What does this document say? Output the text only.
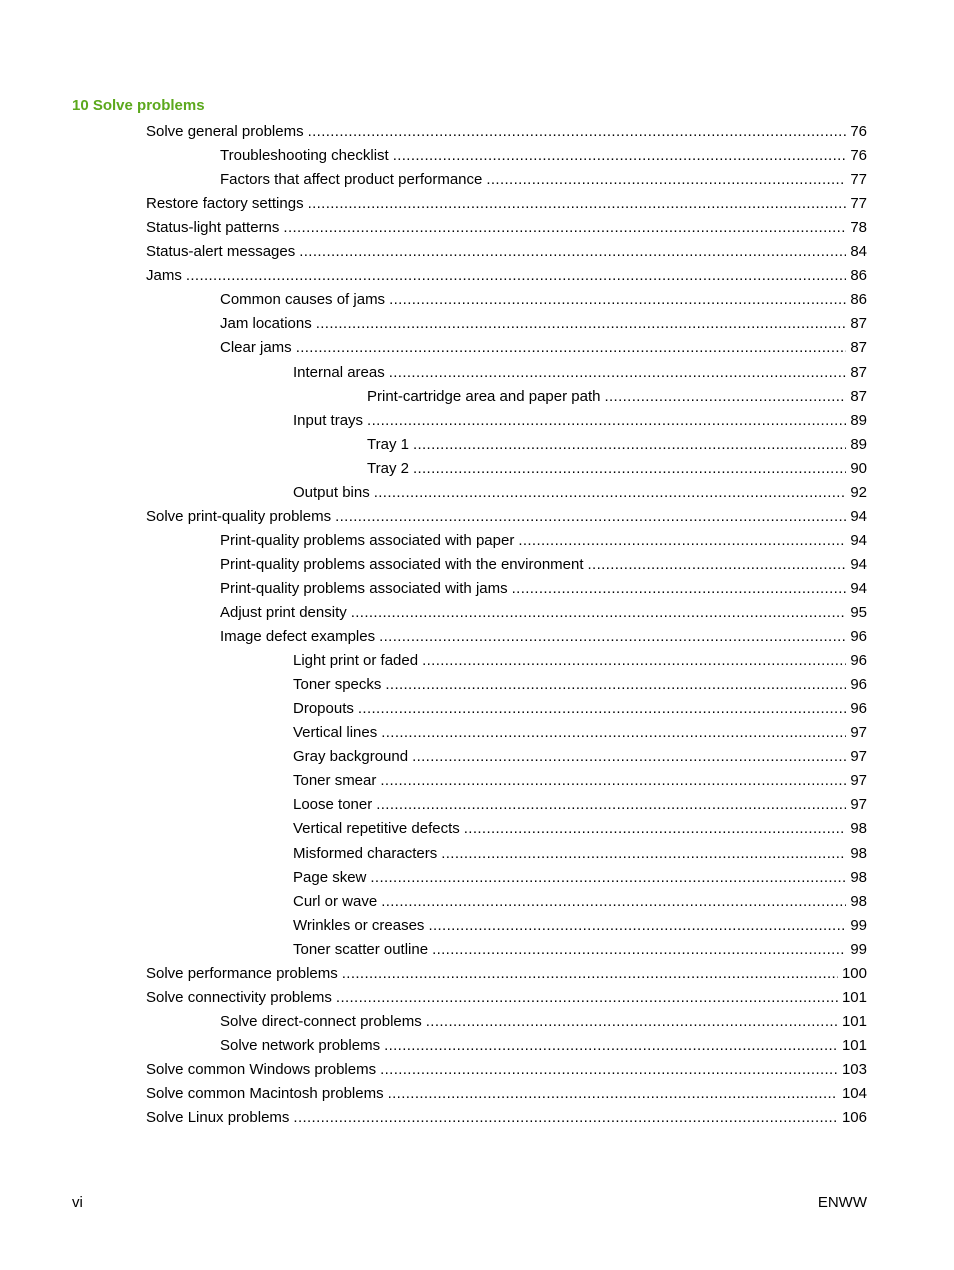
10 Solve problems
Solve general problems . . .	76
Troubleshooting checklist . . .	76
Factors that affect product performance . . .	77
Restore factory settings . . .	77
Status-light patterns . . .	78
Status-alert messages . . .	84
Jams . . .	86
Common causes of jams . . .	86
Jam locations . . .	87
Clear jams . . .	87
Internal areas . . .	87
Print-cartridge area and paper path . . .	87
Input trays . . .	89
Tray 1 . . .	89
Tray 2 . . .	90
Output bins . . .	92
Solve print-quality problems . . .	94
Print-quality problems associated with paper . . .	94
Print-quality problems associated with the environment . . .	94
Print-quality problems associated with jams . . .	94
Adjust print density . . .	95
Image defect examples . . .	96
Light print or faded . . .	96
Toner specks . . .	96
Dropouts . . .	96
Vertical lines . . .	97
Gray background . . .	97
Toner smear . . .	97
Loose toner . . .	97
Vertical repetitive defects . . .	98
Misformed characters . . .	98
Page skew . . .	98
Curl or wave . . .	98
Wrinkles or creases . . .	99
Toner scatter outline . . .	99
Solve performance problems . . .	100
Solve connectivity problems . . .	101
Solve direct-connect problems . . .	101
Solve network problems . . .	101
Solve common Windows problems . . .	103
Solve common Macintosh problems . . .	104
Solve Linux problems . . .	106
vi	ENWW
